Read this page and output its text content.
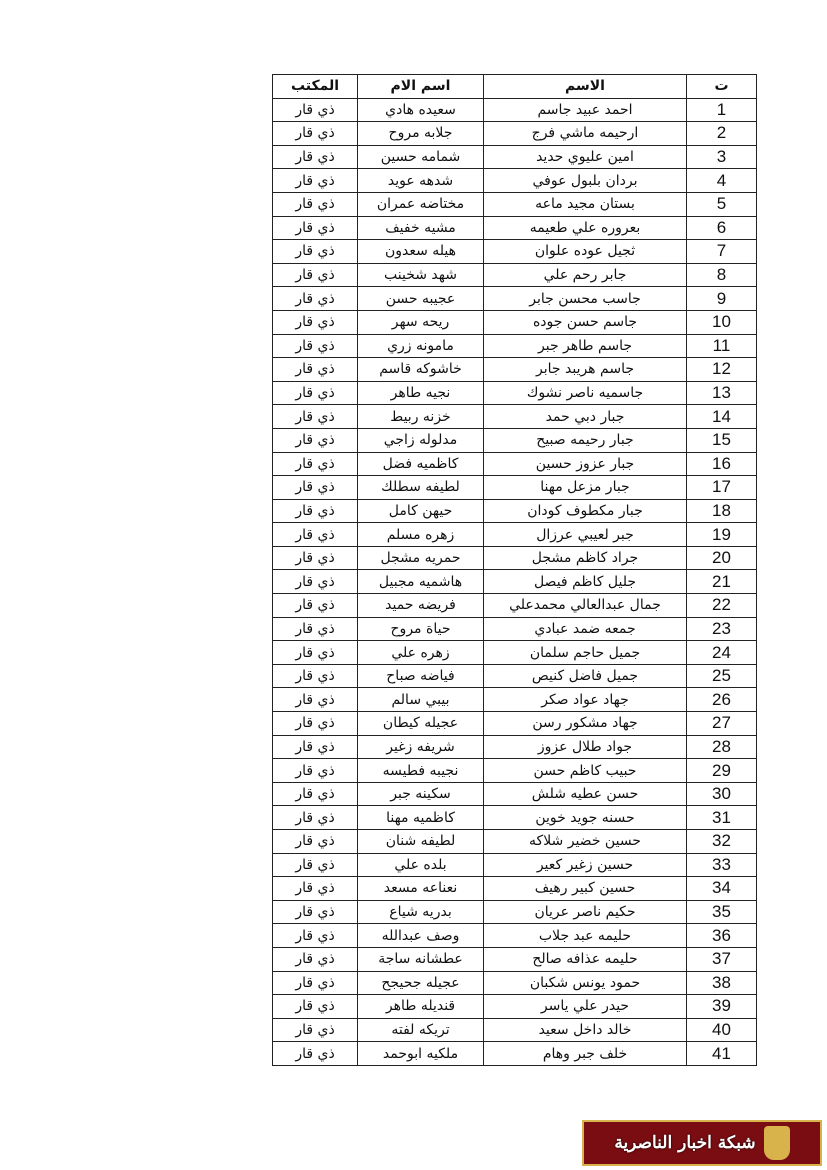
ت	الاسم	اسم الام	المكتب
1	احمد عبيد جاسم	سعيده هادي	ذي قار
2	ارحيمه ماشي فرج	جلابه مروح	ذي قار
3	امين عليوي حديد	شمامه حسين	ذي قار
4	بردان بلبول عوفي	شدهه عويد	ذي قار
5	بستان مجيد ماعه	مختاضه عمران	ذي قار
6	بعروره علي طعيمه	مشيه خفيف	ذي قار
7	ثجيل عوده علوان	هيله سعدون	ذي قار
8	جابر رحم علي	شهد شخينب	ذي قار
9	جاسب محسن جابر	عجيبه حسن	ذي قار
10	جاسم حسن جوده	ريحه سهر	ذي قار
11	جاسم طاهر جبر	مامونه زري	ذي قار
12	جاسم هريبد جابر	خاشوكه قاسم	ذي قار
13	جاسميه ناصر نشوك	نجيه طاهر	ذي قار
14	جبار دبي حمد	خزنه ربيط	ذي قار
15	جبار رحيمه صبيح	مدلوله زاجي	ذي قار
16	جبار عزوز حسين	كاظميه فضل	ذي قار
17	جبار مزعل مهنا	لطيفه سطلك	ذي قار
18	جبار مكطوف كودان	حيهن كامل	ذي قار
19	جبر لعيبي عرزال	زهره مسلم	ذي قار
20	جراد كاظم مشجل	حمريه مشجل	ذي قار
21	جليل كاظم فيصل	هاشميه مجبيل	ذي قار
22	جمال عبدالعالي محمدعلي	فريضه حميد	ذي قار
23	جمعه ضمد عبادي	حياة مروح	ذي قار
24	جميل حاجم سلمان	زهره علي	ذي قار
25	جميل فاضل كنيص	فياضه صباح	ذي قار
26	جهاد عواد صكر	بيبي سالم	ذي قار
27	جهاد مشكور رسن	عجيله كيطان	ذي قار
28	جواد طلال عزوز	شريفه زغير	ذي قار
29	حبيب كاظم حسن	نجيبه فطيسه	ذي قار
30	حسن عطيه شلش	سكينه جبر	ذي قار
31	حسنه جويد خوين	كاظميه مهنا	ذي قار
32	حسين خضير شلاكه	لطيفه شنان	ذي قار
33	حسين زغير كعير	بلده علي	ذي قار
34	حسين كبير رهيف	نعناعه مسعد	ذي قار
35	حكيم ناصر عريان	بدريه شياع	ذي قار
36	حليمه عبد جلاب	وصف عبدالله	ذي قار
37	حليمه عذافه صالح	عطشانه ساجة	ذي قار
38	حمود يونس شكبان	عجيله جحيجح	ذي قار
39	حيدر علي ياسر	قنديله طاهر	ذي قار
40	خالد داخل سعيد	تريكه لفته	ذي قار
41	خلف جبر وهام	ملكيه ابوحمد	ذي قار
شبكة اخبار الناصرية
